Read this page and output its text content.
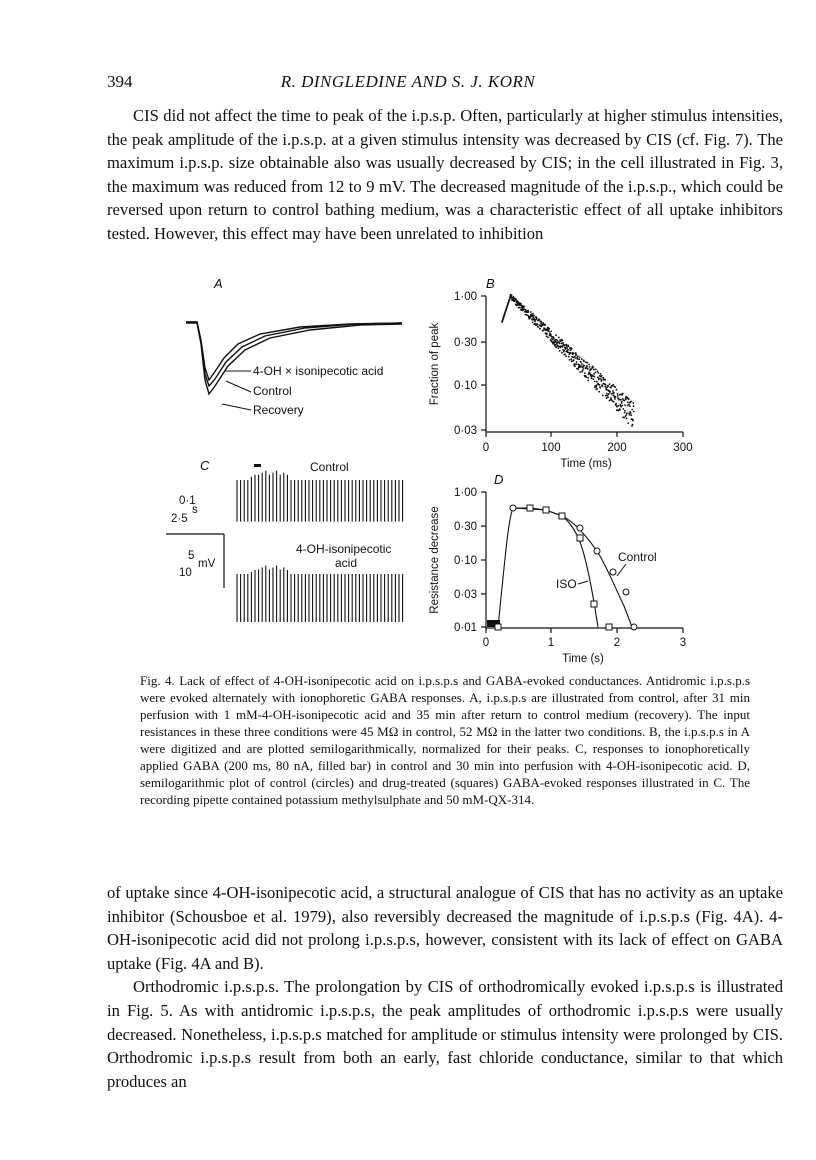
394	R. DINGLEDINE AND S. J. KORN

CIS did not affect the time to peak of the i.p.s.p. Often, particularly at higher stimulus intensities, the peak amplitude of the i.p.s.p. at a given stimulus intensity was decreased by CIS (cf. Fig. 7). The maximum i.p.s.p. size obtainable also was usually decreased by CIS; in the cell illustrated in Fig. 3, the maximum was reduced from 12 to 9 mV. The decreased magnitude of the i.p.s.p., which could be reversed upon return to control bathing medium, was a characteristic effect of all uptake inhibitors tested. However, this effect may have been unrelated to inhibition

A
4-OH × isonipecotic acid
Control
Recovery
B
1·00
0·30
0·10
0·03
0	100	200	300
Time (ms)
Fraction of peak
C	Control
4-OH-isonipecotic
acid
0·1
2·5
s
5
10
mV
D
1·00
0·30
0·10
0·03
0·01
0	1	2	3
Time (s)
Resistance decrease	Control
ISO
Fig. 4. Lack of effect of 4-OH-isonipecotic acid on i.p.s.p.s and GABA-evoked conductances. Antidromic i.p.s.p.s were evoked alternately with ionophoretic GABA responses. A, i.p.s.p.s are illustrated from control, after 31 min perfusion with 1 mM-4-OH-isonipecotic acid and 35 min after return to control medium (recovery). The input resistances in these three conditions were 45 MΩ in control, 52 MΩ in the latter two conditions. B, the i.p.s.p.s in A were digitized and are plotted semilogarithmically, normalized for their peaks. C, responses to ionophoretically applied GABA (200 ms, 80 nA, filled bar) in control and 30 min into perfusion with 4-OH-isonipecotic acid. D, semilogarithmic plot of control (circles) and drug-treated (squares) GABA-evoked responses illustrated in C. The recording pipette contained potassium methylsulphate and 50 mM-QX-314.

of uptake since 4-OH-isonipecotic acid, a structural analogue of CIS that has no activity as an uptake inhibitor (Schousboe et al. 1979), also reversibly decreased the magnitude of i.p.s.p.s (Fig. 4A). 4-OH-isonipecotic acid did not prolong i.p.s.p.s, however, consistent with its lack of effect on GABA uptake (Fig. 4A and B).

Orthodromic i.p.s.p.s. The prolongation by CIS of orthodromically evoked i.p.s.p.s is illustrated in Fig. 5. As with antidromic i.p.s.p.s, the peak amplitudes of orthodromic i.p.s.p.s were usually decreased. Nonetheless, i.p.s.p.s matched for amplitude or stimulus intensity were prolonged by CIS. Orthodromic i.p.s.p.s result from both an early, fast chloride conductance, similar to that which produces an
